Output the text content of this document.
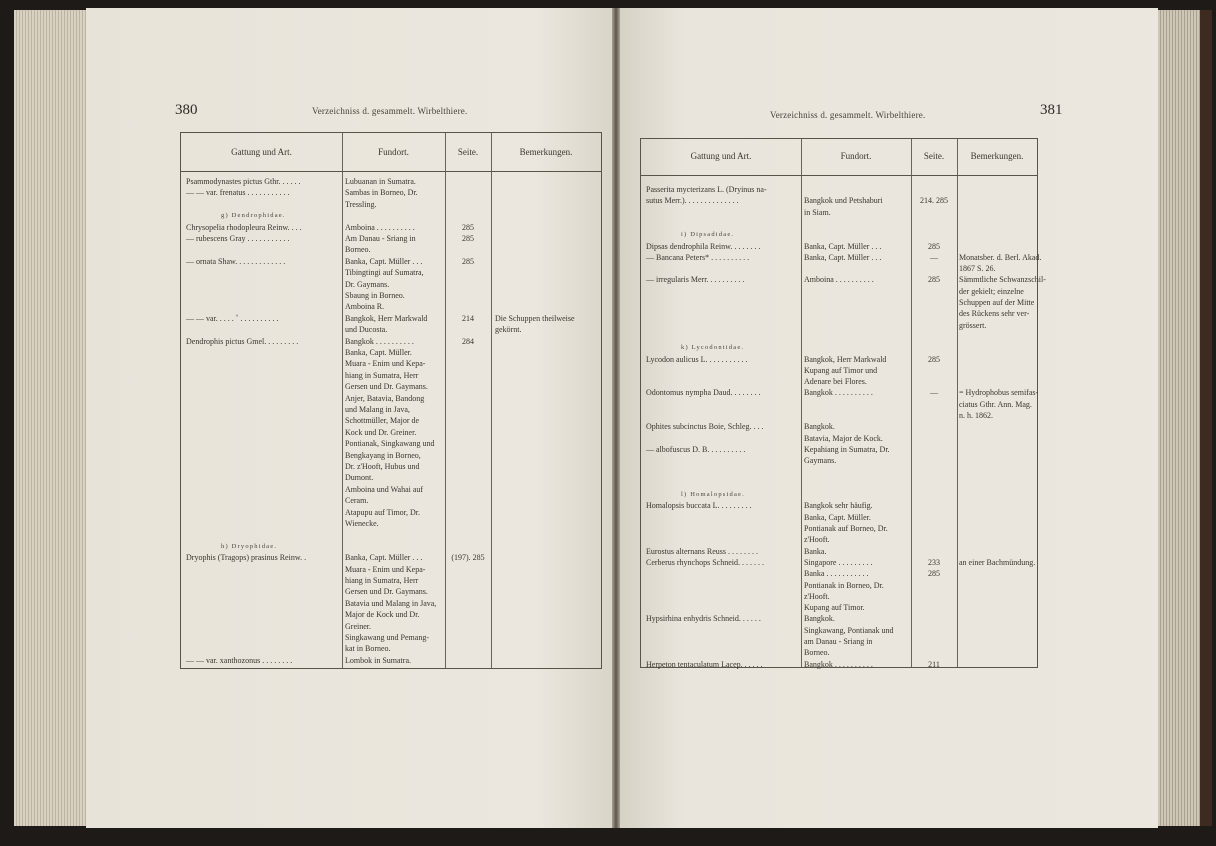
380	Verzeichniss d. gesammelt. Wirbelthiere.
Gattung und Art.	Fundort.	Seite.	Bemerkungen.
Psammodynastes pictus Gthr. . . . . .	Lubuanan in Sumatra.
— — var. frenatus . . . . . . . . . . .	Sambas in Borneo, Dr.
Tressling.
g) Dendrophidae.
Chrysopelia rhodopleura Reinw. . . .	Amboina . . . . . . . . . .	285
— rubescens Gray . . . . . . . . . . .	Am Danau - Sriang in	285
Borneo.
— ornata Shaw. . . . . . . . . . . . .	Banka, Capt. Müller . . .	285
Tibingtingi auf Sumatra,
Dr. Gaymans.
Sbaung in Borneo.
Amboina R.
— — var. . . . . ˚ . . . . . . . . . .	Bangkok, Herr Markwald	214	Die Schuppen theilweise
und Ducosta.	gekörnt.
Dendrophis pictus Gmel. . . . . . . . .	Bangkok . . . . . . . . . .	284
Banka, Capt. Müller.
Muara - Enim und Kepa-
hiang in Sumatra, Herr
Gersen und Dr. Gaymans.
Anjer, Batavia, Bandong
und Malang in Java,
Schottmüller, Major de
Kock und Dr. Greiner.
Pontianak, Singkawang und
Bengkayang in Borneo,
Dr. z'Hooft, Hubus und
Dumont.
Amboina und Wahai auf
Ceram.
Atapupu auf Timor, Dr.
Wienecke.
h) Dryophidae.
Dryophis (Tragops) prasinus Reinw. .	Banka, Capt. Müller . . .	(197). 285
Muara - Enim und Kepa-
hiang in Sumatra, Herr
Gersen und Dr. Gaymans.
Batavia und Malang in Java,
Major de Kock und Dr.
Greiner.
Singkawang und Pemang-
kat in Borneo.
— — var. xanthozonus . . . . . . . .	Lombok in Sumatra.
381
Verzeichniss d. gesammelt. Wirbelthiere.
Gattung und Art.	Fundort.	Seite.	Bemerkungen.
Passerita mycterizans L. (Dryinus na-
sutus Merr.). . . . . . . . . . . . . .	Bangkok und Petshaburi	214. 285
in Siam.
i) Dipsadidae.
Dipsas dendrophila Reinw. . . . . . . .	Banka, Capt. Müller . . .	285
— Bancana Peters* . . . . . . . . . .	Banka, Capt. Müller . . .	—	Monatsber. d. Berl. Akad.
1867 S. 26.
— irregularis Merr. . . . . . . . . .	Amboina . . . . . . . . . .	285	Sämmtliche Schwanzschil-
der gekielt; einzelne
Schuppen auf der Mitte
des Rückens sehr ver-
grössert.
k) Lycodontidae.
Lycodon aulicus L. . . . . . . . . . .	Bangkok, Herr Markwald	285
Kupang auf Timor und
Adenare bei Flores.
Odontomus nympha Daud. . . . . . . .	Bangkok . . . . . . . . . .	—	= Hydrophobus semifas-
ciatus Gthr. Ann. Mag.
n. h. 1862.
Ophites subcinctus Boie, Schleg. . . .	Bangkok.
Batavia, Major de Kock.
— albofuscus D. B. . . . . . . . . .	Kepahiang in Sumatra, Dr.
Gaymans.
l) Homalopsidae.
Homalopsis buccata L. . . . . . . . .	Bangkok sehr häufig.
Banka, Capt. Müller.
Pontianak auf Borneo, Dr.
z'Hooft.
Eurostus alternans Reuss . . . . . . . .	Banka.
Cerberus rhynchops Schneid. . . . . . .	Singapore . . . . . . . . .	233	an einer Bachmündung.
Banka . . . . . . . . . . .	285
Pontianak in Borneo, Dr.
z'Hooft.
Kupang auf Timor.
Hypsirhina enhydris Schneid. . . . . .	Bangkok.
Singkawang, Pontianak und
am Danau - Sriang in
Borneo.
Herpeton tentaculatum Lacep. . . . . .	Bangkok . . . . . . . . . .	211
